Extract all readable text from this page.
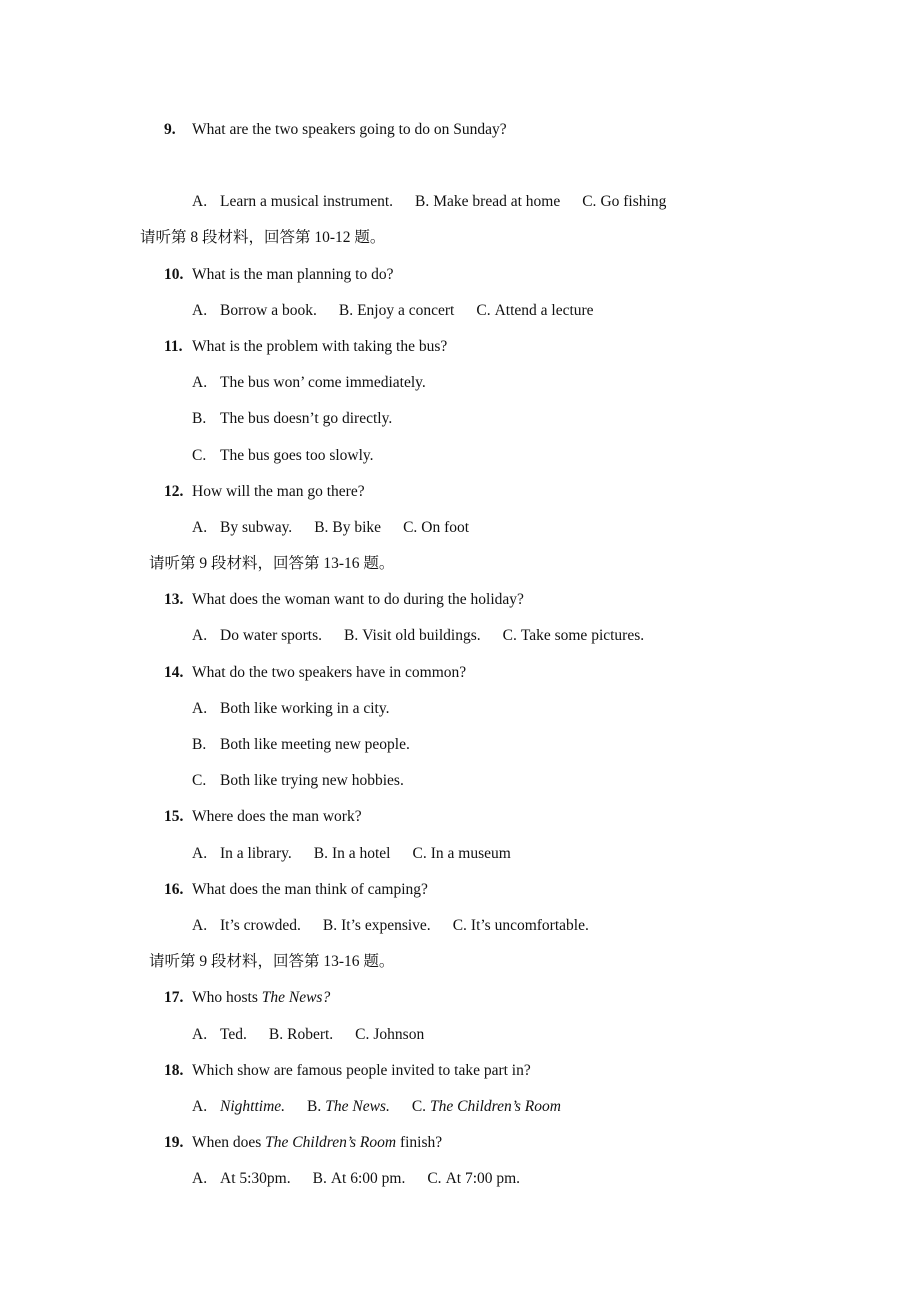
9. What are the two speakers going to do on Sunday?
A. Learn a musical instrument. B. Make bread at home C. Go fishing
请听第 8 段材料，回答第 10-12 题。
10. What is the man planning to do?
A. Borrow a book. B. Enjoy a concert C. Attend a lecture
11. What is the problem with taking the bus?
A. The bus won’ come immediately.
B. The bus doesn’t go directly.
C. The bus goes too slowly.
12. How will the man go there?
A. By subway. B. By bike C. On foot
请听第 9 段材料，回答第 13-16 题。
13. What does the woman want to do during the holiday?
A. Do water sports. B. Visit old buildings. C. Take some pictures.
14. What do the two speakers have in common?
A. Both like working in a city.
B. Both like meeting new people.
C. Both like trying new hobbies.
15. Where does the man work?
A. In a library. B. In a hotel C. In a museum
16. What does the man think of camping?
A. It’s crowded. B. It’s expensive. C. It’s uncomfortable.
请听第 9 段材料，回答第 13-16 题。
17. Who hosts The News?
A. Ted. B. Robert. C. Johnson
18. Which show are famous people invited to take part in?
A. Nighttime. B. The News. C. The Children’s Room
19. When does The Children’s Room finish?
A. At 5:30pm. B. At 6:00 pm. C. At 7:00 pm.
